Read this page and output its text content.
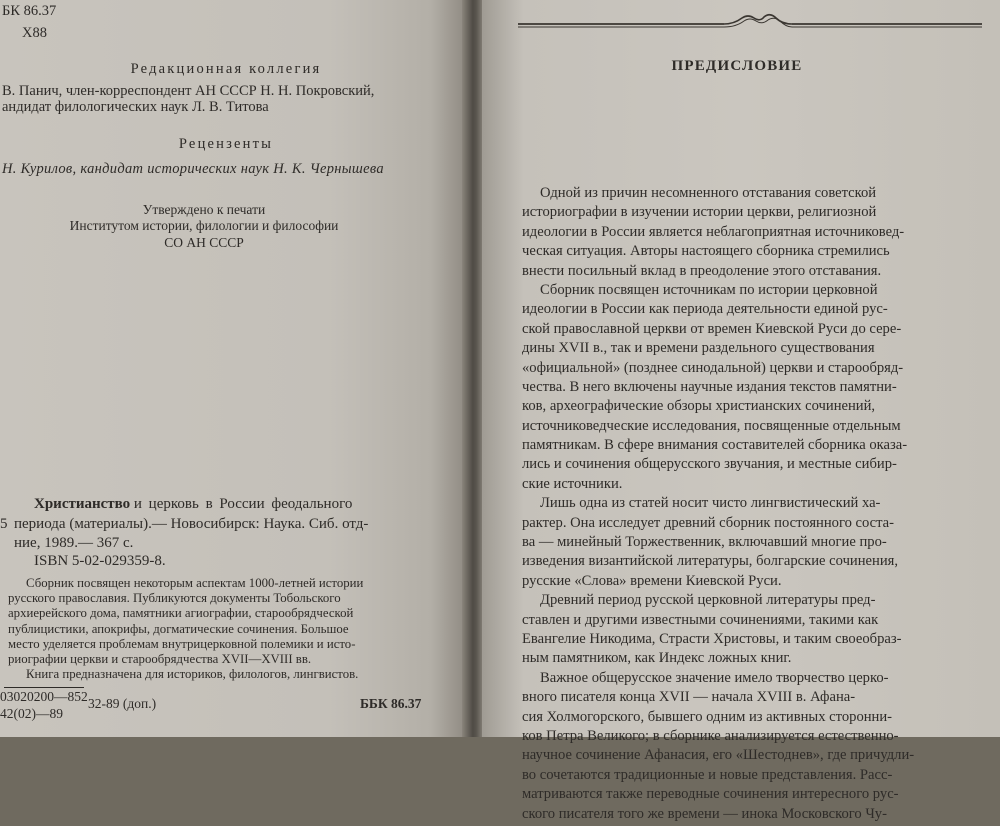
БК 86.37
Х88
Редакционная коллегия
В. Панич, член-корреспондент АН СССР Н. Н. Покровский,
андидат филологических наук Л. В. Титова
Рецензенты
Н. Курилов, кандидат исторических наук Н. К. Чернышева
Утверждено к печати
Институтом истории, филологии и философии
СО АН СССР
Христианство и церковь в России феодального
5 периода (материалы).— Новосибирск: Наука. Сиб. отд-
ние, 1989.— 367 с.
ISBN 5-02-029359-8.
Сборник посвящен некоторым аспектам 1000-летней истории
русского православия. Публикуются документы Тобольского
архиерейского дома, памятники агиографии, старообрядческой
публицистики, апокрифы, догматические сочинения. Большое
место уделяется проблемам внутрицерковной полемики и исто-
риографии церкви и старообрядчества XVII—XVIII вв.
Книга предназначена для историков, филологов, лингвистов.
03020200—852
42(02)—89
32-89 (доп.)	ББК 86.37
ПРЕДИСЛОВИЕ
Одной из причин несомненного отставания советской
историографии в изучении истории церкви, религиозной
идеологии в России является неблагоприятная источниковед-
ческая ситуация. Авторы настоящего сборника стремились
внести посильный вклад в преодоление этого отставания.
Сборник посвящен источникам по истории церковной
идеологии в России как периода деятельности единой рус-
ской православной церкви от времен Киевской Руси до сере-
дины XVII в., так и времени раздельного существования
«официальной» (позднее синодальной) церкви и старообряд-
чества. В него включены научные издания текстов памятни-
ков, археографические обзоры христианских сочинений,
источниковедческие исследования, посвященные отдельным
памятникам. В сфере внимания составителей сборника оказа-
лись и сочинения общерусского звучания, и местные сибир-
ские источники.
Лишь одна из статей носит чисто лингвистический ха-
рактер. Она исследует древний сборник постоянного соста-
ва — минейный Торжественник, включавший многие про-
изведения византийской литературы, болгарские сочинения,
русские «Слова» времени Киевской Руси.
Древний период русской церковной литературы пред-
ставлен и другими известными сочинениями, такими как
Евангелие Никодима, Страсти Христовы, и таким своеобраз-
ным памятником, как Индекс ложных книг.
Важное общерусское значение имело творчество церко-
вного писателя конца XVII — начала XVIII в. Афана-
сия Холмогорского, бывшего одним из активных сторонни-
ков Петра Великого; в сборнике анализируется естественно-
научное сочинение Афанасия, его «Шестоднев», где причудли-
во сочетаются традиционные и новые представления. Расс-
матриваются также переводные сочинения интересного рус-
ского писателя того же времени — инока Московского Чу-
